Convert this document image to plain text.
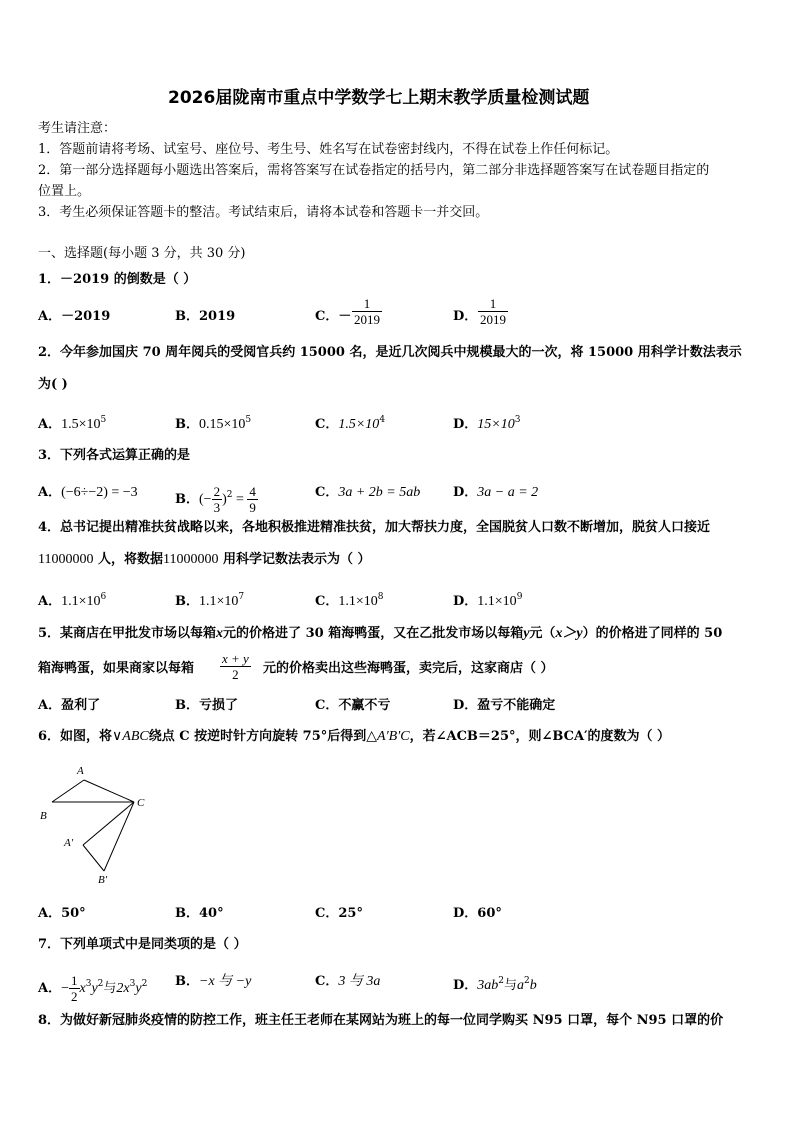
2026届陇南市重点中学数学七上期末教学质量检测试题
考生请注意：
1．答题前请将考场、试室号、座位号、考生号、姓名写在试卷密封线内，不得在试卷上作任何标记。
2．第一部分选择题每小题选出答案后，需将答案写在试卷指定的括号内，第二部分非选择题答案写在试卷题目指定的
位置上。
3．考生必须保证答题卡的整洁。考试结束后，请将本试卷和答题卡一并交回。
一、选择题(每小题 3 分，共 30 分)
1．－2019 的倒数是（ ）
A．－2019	B．2019	C．－ $\frac{1}{2019}$	D． $\frac{1}{2019}$
2．今年参加国庆 70 周年阅兵的受阅官兵约 15000 名，是近几次阅兵中规模最大的一次，将 15000 用科学计数法表示
为( )
A．$1.5\times 10^5$	B．$0.15\times 10^5$	C．$1.5\times 10^4$	D．$15\times 10^3$
3．下列各式运算正确的是
A．(−6÷−2) = −3	B．(− $\frac{2}{3} )^2 = \frac{4}{9}$	C．3a + 2b = 5ab	D．3a − a = 2
4．总书记提出精准扶贫战略以来，各地积极推进精准扶贫，加大帮扶力度，全国脱贫人口数不断增加，脱贫人口接近
11000000 人，将数据11000000 用科学记数法表示为（ ）
A．$1.1\times 10^6$	B．$1.1\times 10^7$	C．$1.1\times 10^8$	D．$1.1\times 10^9$
5．某商店在甲批发市场以每箱x元的价格进了 30 箱海鸭蛋，又在乙批发市场以每箱y元（x＞y）的价格进了同样的 50
箱海鸭蛋，如果商家以每箱 $\frac{x + y}{2}$ 元的价格卖出这些海鸭蛋，卖完后，这家商店（ ）
A．盈利了	B．亏损了	C．不赢不亏	D．盈亏不能确定
6．如图，将∨ABC绕点 C 按逆时针方向旋转 75°后得到△A′B′C，若∠ACB＝25°，则∠BCA′的度数为（ ）
A
B
C
A′
B′
A．50°	B．40°	C．25°	D．60°
7．下列单项式中是同类项的是（ ）
A．− $\frac{1}{2} x^3y^2$与$2x^3y^2$ B．−x 与 −y	C．3 与 3a	D．$3ab^2$与$a^2b$
8．为做好新冠肺炎疫情的防控工作，班主任王老师在某网站为班上的每一位同学购买 N95 口罩，每个 N95 口罩的价
